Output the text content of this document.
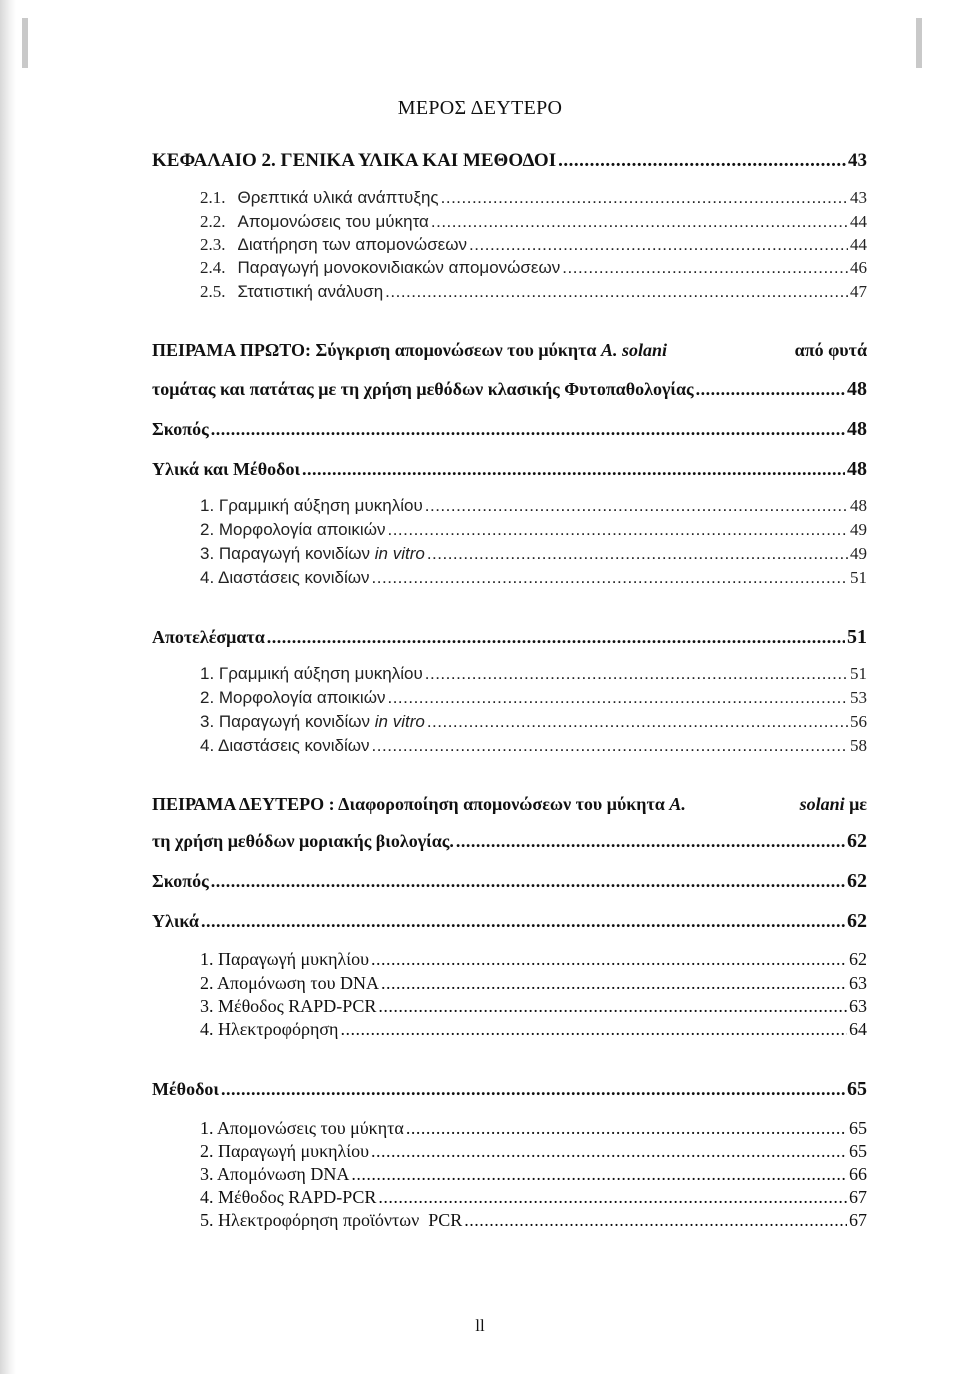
ΜΕΡΟΣ ΔΕΥΤΕΡΟ
ΚΕΦΑΛΑΙΟ 2. ΓΕΝΙΚΑ ΥΛΙΚΑ ΚΑΙ ΜΕΘΟΔΟΙ .....	43
2.1. Θρεπτικά υλικά ανάπτυξης .....	43
2.2. Απομονώσεις του μύκητα .....	44
2.3. Διατήρηση των απομονώσεων .....	44
2.4. Παραγωγή μονοκονιδιακών απομονώσεων .....	46
2.5. Στατιστική ανάλυση .....	47
ΠΕΙΡΑΜΑ ΠΡΩΤΟ: Σύγκριση απομονώσεων του μύκητα A. solani	από φυτά
τομάτας και πατάτας με τη χρήση μεθόδων κλασικής Φυτοπαθολογίας .....	48
Σκοπός .....	48
Υλικά και Μέθοδοι .....	48
1. Γραμμική αύξηση μυκηλίου .....	48
2. Μορφολογία αποικιών .....	49
3. Παραγωγή κονιδίων in vitro .....	49
4. Διαστάσεις κονιδίων .....	51
Αποτελέσματα .....	51
1. Γραμμική αύξηση μυκηλίου .....	51
2. Μορφολογία αποικιών .....	53
3. Παραγωγή κονιδίων in vitro .....	56
4. Διαστάσεις κονιδίων .....	58
ΠΕΙΡΑΜΑ ΔΕΥΤΕΡΟ : Διαφοροποίηση απομονώσεων του μύκητα A.	solani με
τη χρήση μεθόδων μοριακής βιολογίας. .....	62
Σκοπός .....	62
Υλικά .....	62
1. Παραγωγή μυκηλίου .....	62
2. Απομόνωση του DNA .....	63
3. Μέθοδος RAPD-PCR .....	63
4. Ηλεκτροφόρηση .....	64
Μέθοδοι .....	65
1. Απομονώσεις του μύκητα .....	65
2. Παραγωγή μυκηλίου .....	65
3. Απομόνωση DNA .....	66
4. Μέθοδος RAPD-PCR .....	67
5. Ηλεκτροφόρηση προϊόντων  PCR .....	67
ll
